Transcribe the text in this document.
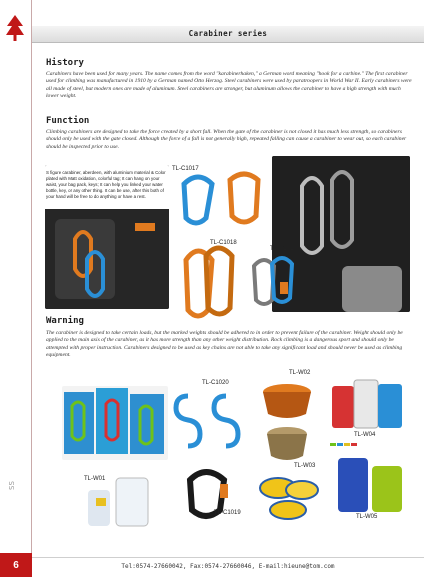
SS
6
Carabiner series
History

Carabiners have been used for many years. The name comes from the word "karabinerhaken," a German word meaning "hook for a carbine." The first carabiner used for climbing was manufactured in 1910 by a German named Otto Herzog. Steel carabiners were used by paratroopers in World War II. Early carabiners were all made of steel, but modern ones are made of aluminum. Steel carabiners are stronger, but aluminum allows the carabiner to have a high strength with much lower weight.

Function

Climbing carabiners are designed to take the force created by a short fall. When the gate of the carabiner is not closed it has much less strength, so carabiners should only be used with the gate closed. Although the force of a fall is not generally high, repeated falling can cause a carabiner to wear out, so each carabiner should be inspected prior to use.

S figure carabiner, aberdeen, with aluminium material & Color plated with Matt oxidation, colorful tag; It can hang on your waist, your bag pack, keys; It can help you linked your water bottle, key, or any other thing. It can be use, after this both of your hand will be free to do anything or have a rest.
TL-C1017
TL-C1018
TL-C1019
Warning

The carabiner is designed to take certain loads, but the marked weights should be adhered to in order to prevent failure of the carabiner. Weight should only be applied to the main axis of the carabiner, as it has more strength than any other weight distribution. Rock climbing is a dangerous sport and should only be attempted with proper instruction. Carabiners designed to be used as key chains are not able to take any significant load and should never be used as climbing equipment.

TL-C1020
TL-W02
TL-W03
TL-W04
TL-W01
TL-C1019
TL-W05
Tel:0574-27660042, Fax:0574-27660046, E-mail:hieune@tom.com
